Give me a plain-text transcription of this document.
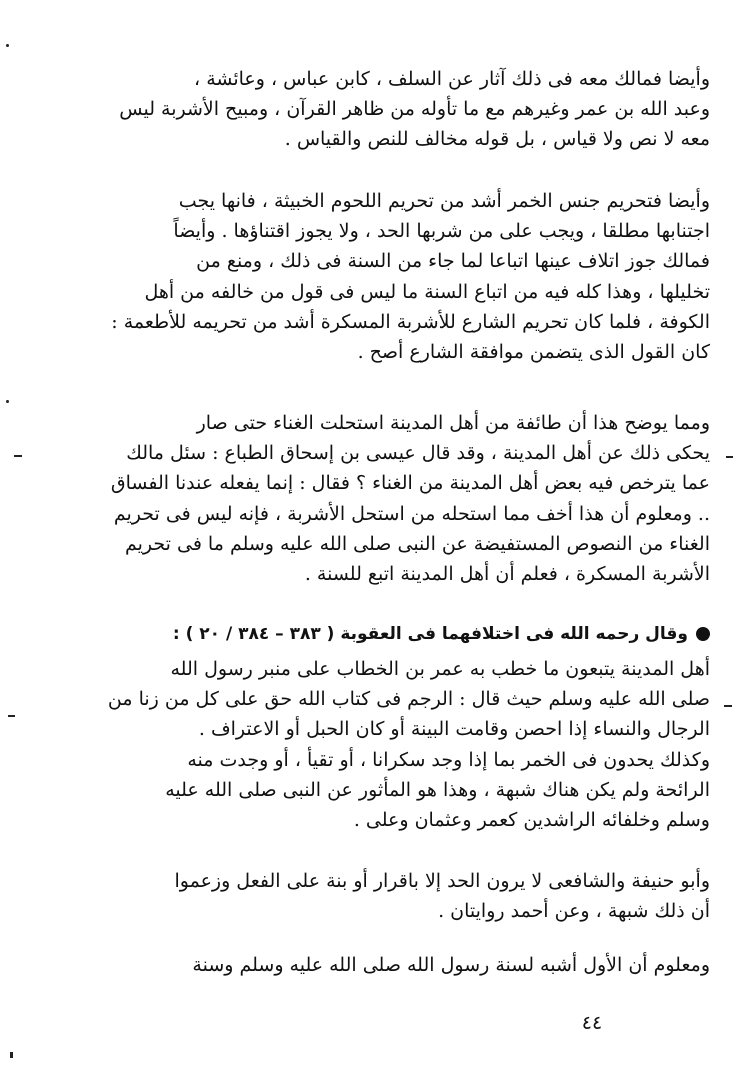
وأيضا فمالك معه فى ذلك آثار عن السلف ، كابن عباس ، وعائشة ،
وعبد الله بن عمر وغيرهم مع ما تأوله من ظاهر القرآن ، ومبيح الأشربة ليس
معه لا نص ولا قياس ، بل قوله مخالف للنص والقياس .
وأيضا فتحريم جنس الخمر أشد من تحريم اللحوم الخبيثة ، فانها يجب
اجتنابها مطلقا ، ويجب على من شربها الحد ، ولا يجوز اقتناؤها . وأيضاً
فمالك جوز اتلاف عينها اتباعا لما جاء من السنة فى ذلك ، ومنع من
تخليلها ، وهذا كله فيه من اتباع السنة ما ليس فى قول من خالفه من أهل
الكوفة ، فلما كان تحريم الشارع للأشربة المسكرة أشد من تحريمه للأطعمة :
كان القول الذى يتضمن موافقة الشارع أصح .
ومما يوضح هذا أن طائفة من أهل المدينة استحلت الغناء حتى صار
يحكى ذلك عن أهل المدينة ، وقد قال عيسى بن إسحاق الطباع : سئل مالك
عما يترخص فيه بعض أهل المدينة من الغناء ؟ فقال : إنما يفعله عندنا الفساق
.. ومعلوم أن هذا أخف مما استحله من استحل الأشربة ، فإنه ليس فى تحريم
الغناء من النصوص المستفيضة عن النبى صلى الله عليه وسلم ما فى تحريم
الأشربة المسكرة ، فعلم أن أهل المدينة اتبع للسنة .
وقال رحمه الله فى اختلافهما فى العقوبة ( ٣٨٣ – ٣٨٤ / ٢٠ ) :
أهل المدينة يتبعون ما خطب به عمر بن الخطاب على منبر رسول الله
صلى الله عليه وسلم حيث قال : الرجم فى كتاب الله حق على كل من زنا من
الرجال والنساء إذا احصن وقامت البينة أو كان الحبل أو الاعتراف .
وكذلك يحدون فى الخمر بما إذا وجد سكرانا ، أو تقيأ ، أو وجدت منه
الرائحة ولم يكن هناك شبهة ، وهذا هو المأثور عن النبى صلى الله عليه
وسلم وخلفائه الراشدين كعمر وعثمان وعلى .
وأبو حنيفة والشافعى لا يرون الحد إلا باقرار أو بنة على الفعل وزعموا
أن ذلك شبهة ، وعن أحمد روايتان .
ومعلوم أن الأول أشبه لسنة رسول الله صلى الله عليه وسلم وسنة
٤٤
